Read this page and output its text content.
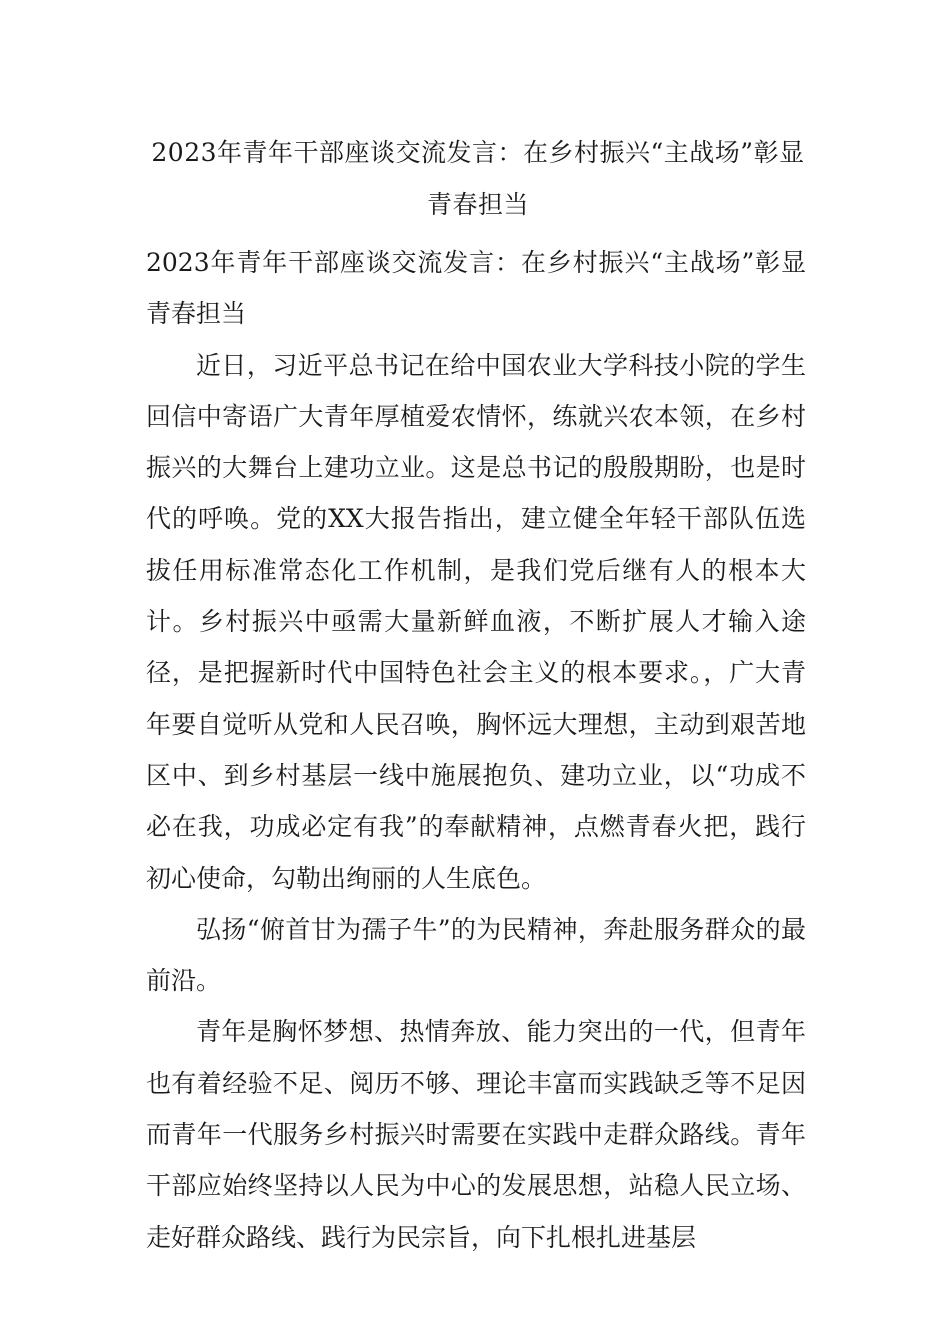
2023年青年干部座谈交流发言：在乡村振兴“主战场”彰显青春担当

2023年青年干部座谈交流发言：在乡村振兴“主战场”彰显青春担当

近日，习近平总书记在给中国农业大学科技小院的学生回信中寄语广大青年厚植爱农情怀，练就兴农本领，在乡村振兴的大舞台上建功立业。这是总书记的殷殷期盼，也是时代的呼唤。党的XX大报告指出，建立健全年轻干部队伍选拔任用标准常态化工作机制，是我们党后继有人的根本大计。乡村振兴中亟需大量新鲜血液，不断扩展人才输入途径，是把握新时代中国特色社会主义的根本要求。，广大青年要自觉听从党和人民召唤，胸怀远大理想，主动到艰苦地区中、到乡村基层一线中施展抱负、建功立业，以“功成不必在我，功成必定有我”的奉献精神，点燃青春火把，践行初心使命，勾勒出绚丽的人生底色。

弘扬“俯首甘为孺子牛”的为民精神，奔赴服务群众的最前沿。

青年是胸怀梦想、热情奔放、能力突出的一代，但青年也有着经验不足、阅历不够、理论丰富而实践缺乏等不足因而青年一代服务乡村振兴时需要在实践中走群众路线。青年干部应始终坚持以人民为中心的发展思想，站稳人民立场、走好群众路线、践行为民宗旨，向下扎根扎进基层
